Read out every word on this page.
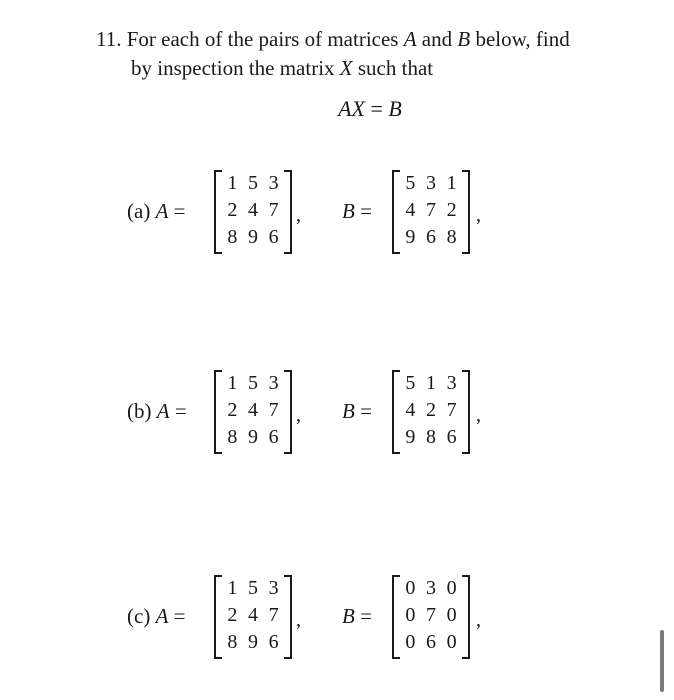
11. For each of the pairs of matrices A and B below, find
by inspection the matrix X such that
AX = B
(a) A =
1 5 3
2 4 7
8 9 6
, B =
5 3 1
4 7 2
9 6 8
,
(b) A =
1 5 3
2 4 7
8 9 6
, B =
5 1 3
4 2 7
9 8 6
,
(c) A =
1 5 3
2 4 7
8 9 6
, B =
0 3 0
0 7 0
0 6 0
,
